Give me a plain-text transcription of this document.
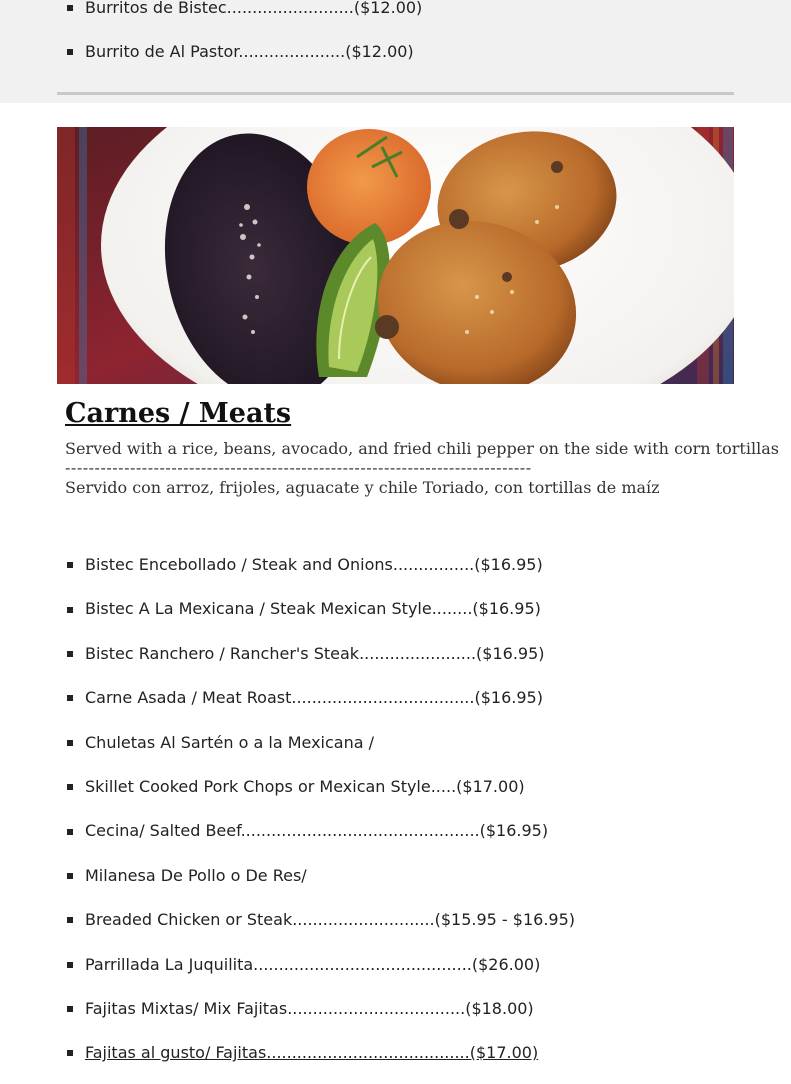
Burritos de Bistec.........................($12.00)
Burrito de Al Pastor.....................($12.00)
Carnes / Meats

Served with a rice, beans, avocado, and fried chili pepper on the side with corn tortillas

-------------------------------------------------------------------------------

Servido con arroz, frijoles, aguacate y chile Toriado, con tortillas de maíz

Bistec Encebollado / Steak and Onions................($16.95)
Bistec A La Mexicana / Steak Mexican Style........($16.95)
Bistec Ranchero / Rancher's Steak.......................($16.95)
Carne Asada / Meat Roast....................................($16.95)
Chuletas Al Sartén o a la Mexicana /
Skillet Cooked Pork Chops or Mexican Style.....($17.00)
Cecina/ Salted Beef...............................................($16.95)
Milanesa De Pollo o De Res/
Breaded Chicken or Steak............................($15.95 - $16.95)
Parrillada La Juquilita...........................................($26.00)
Fajitas Mixtas/ Mix Fajitas...................................($18.00)
Fajitas al gusto/ Fajitas........................................($17.00)
